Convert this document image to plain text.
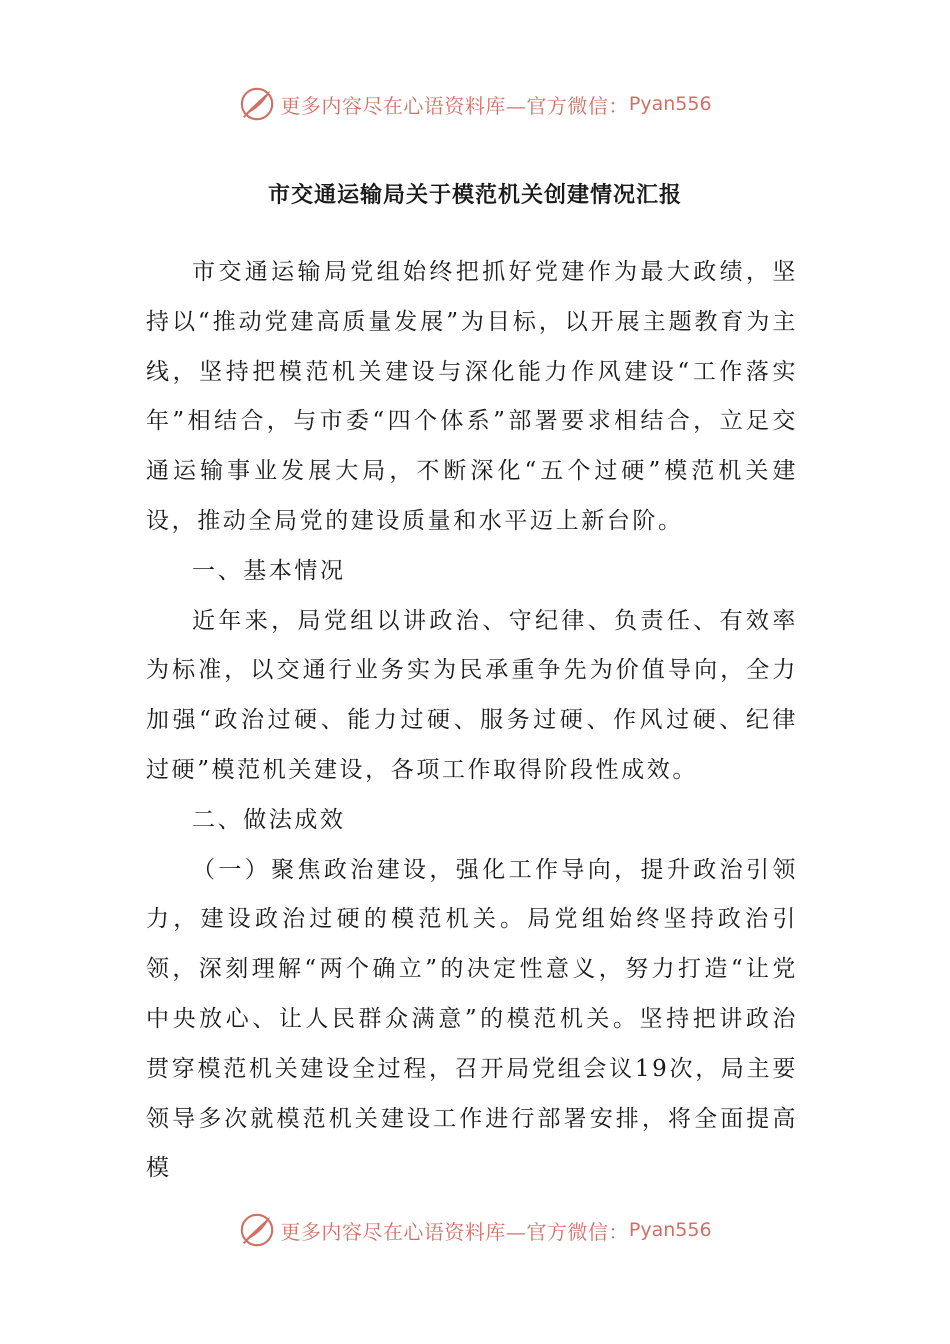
更多内容尽在心语资料库—官方微信： Pyan556
市交通运输局关于模范机关创建情况汇报

市交通运输局党组始终把抓好党建作为最大政绩，坚持以“推动党建高质量发展”为目标，以开展主题教育为主线，坚持把模范机关建设与深化能力作风建设“工作落实年”相结合，与市委“四个体系”部署要求相结合，立足交通运输事业发展大局，不断深化“五个过硬”模范机关建设，推动全局党的建设质量和水平迈上新台阶。

一、基本情况

近年来，局党组以讲政治、守纪律、负责任、有效率为标准，以交通行业务实为民承重争先为价值导向，全力加强“政治过硬、能力过硬、服务过硬、作风过硬、纪律过硬”模范机关建设，各项工作取得阶段性成效。

二、做法成效

（一）聚焦政治建设，强化工作导向，提升政治引领力，建设政治过硬的模范机关。局党组始终坚持政治引领，深刻理解“两个确立”的决定性意义，努力打造“让党中央放心、让人民群众满意”的模范机关。坚持把讲政治贯穿模范机关建设全过程，召开局党组会议19次，局主要领导多次就模范机关建设工作进行部署安排，将全面提高模

更多内容尽在心语资料库—官方微信： Pyan556
